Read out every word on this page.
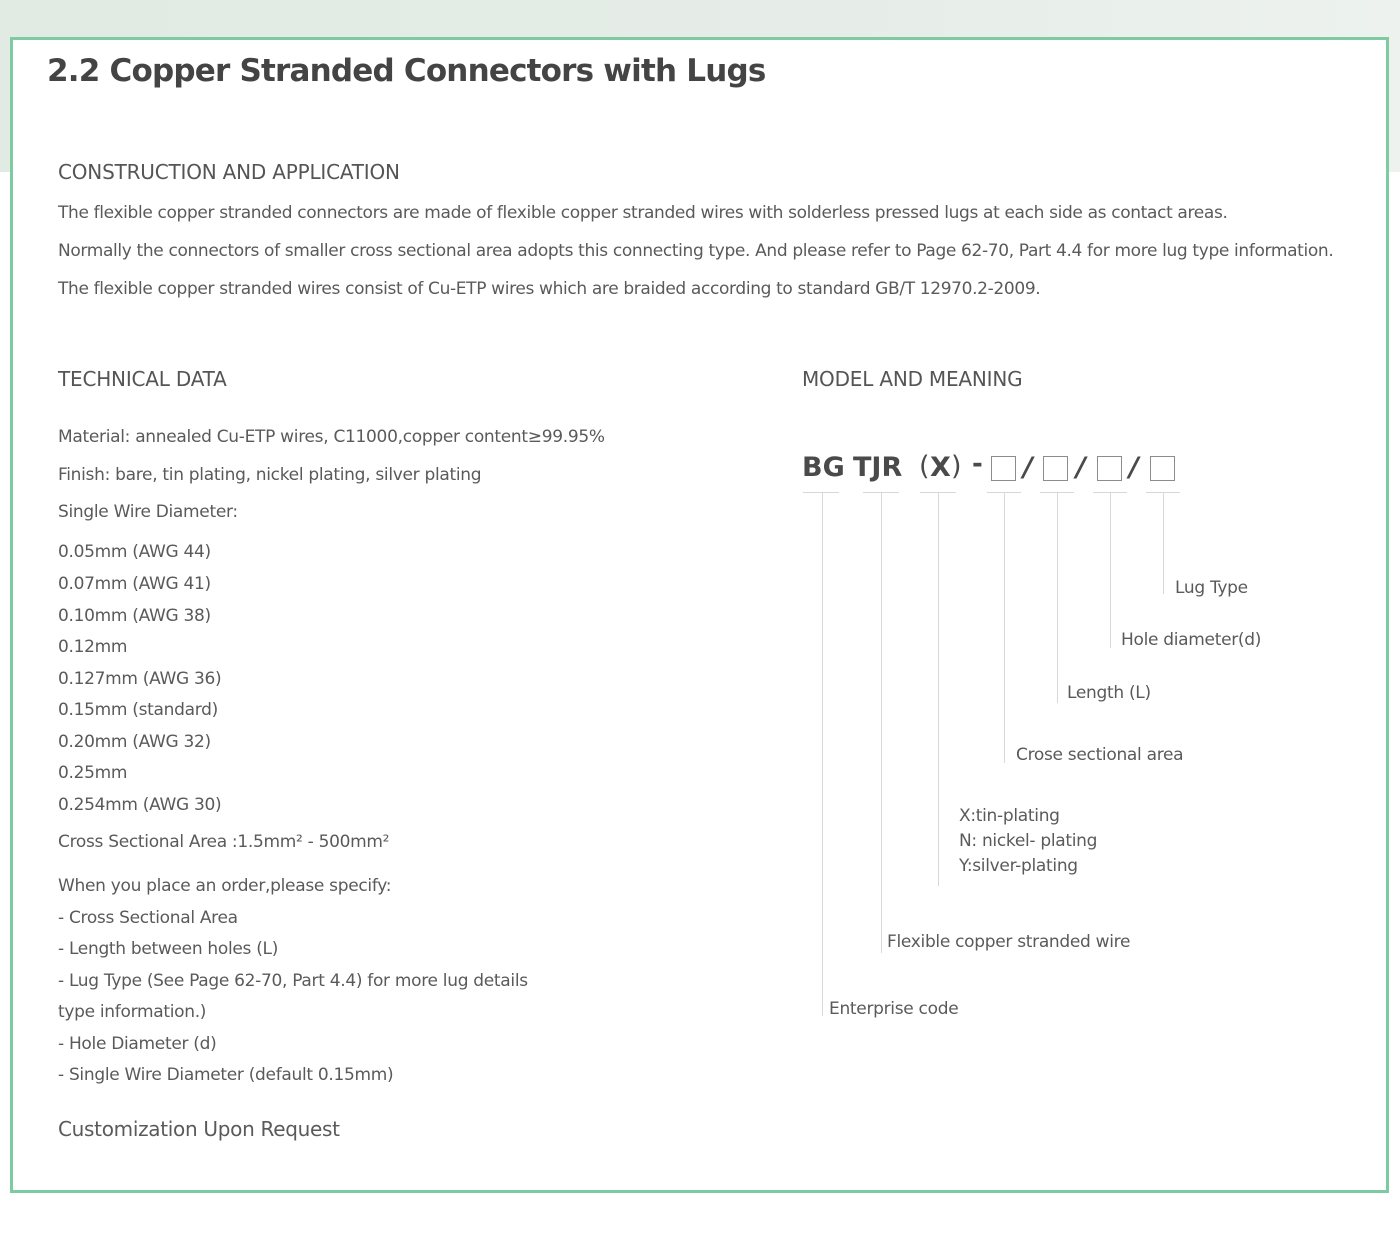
2.2 Copper Stranded Connectors with Lugs
CONSTRUCTION AND APPLICATION
The flexible copper stranded connectors are made of flexible copper stranded wires with solderless pressed lugs at each side as contact areas.
Normally the connectors of smaller cross sectional area adopts this connecting type. And please refer to Page 62-70, Part 4.4 for more lug type information.
The flexible copper stranded wires consist of Cu-ETP wires which are braided according to standard GB/T 12970.2-2009.
TECHNICAL DATA
Material: annealed Cu-ETP wires, C11000,copper content≥99.95%
Finish: bare, tin plating, nickel plating, silver plating
Single Wire Diameter:
0.05mm (AWG 44)
0.07mm (AWG 41)
0.10mm (AWG 38)
0.12mm
0.127mm (AWG 36)
0.15mm (standard)
0.20mm (AWG 32)
0.25mm
0.254mm (AWG 30)
Cross Sectional Area :1.5mm² - 500mm²
When you place an order,please specify:
- Cross Sectional Area
- Length between holes (L)
- Lug Type (See Page 62-70, Part 4.4) for more lug details
type information.)
- Hole Diameter (d)
- Single Wire Diameter (default 0.15mm)
Customization Upon Request
MODEL AND MEANING
BG TJR ( X ) - / / /
Lug Type
Hole diameter(d)
Length (L)
Crose sectional area
X:tin-plating
N: nickel- plating
Y:silver-plating
Flexible copper stranded wire
Enterprise code
